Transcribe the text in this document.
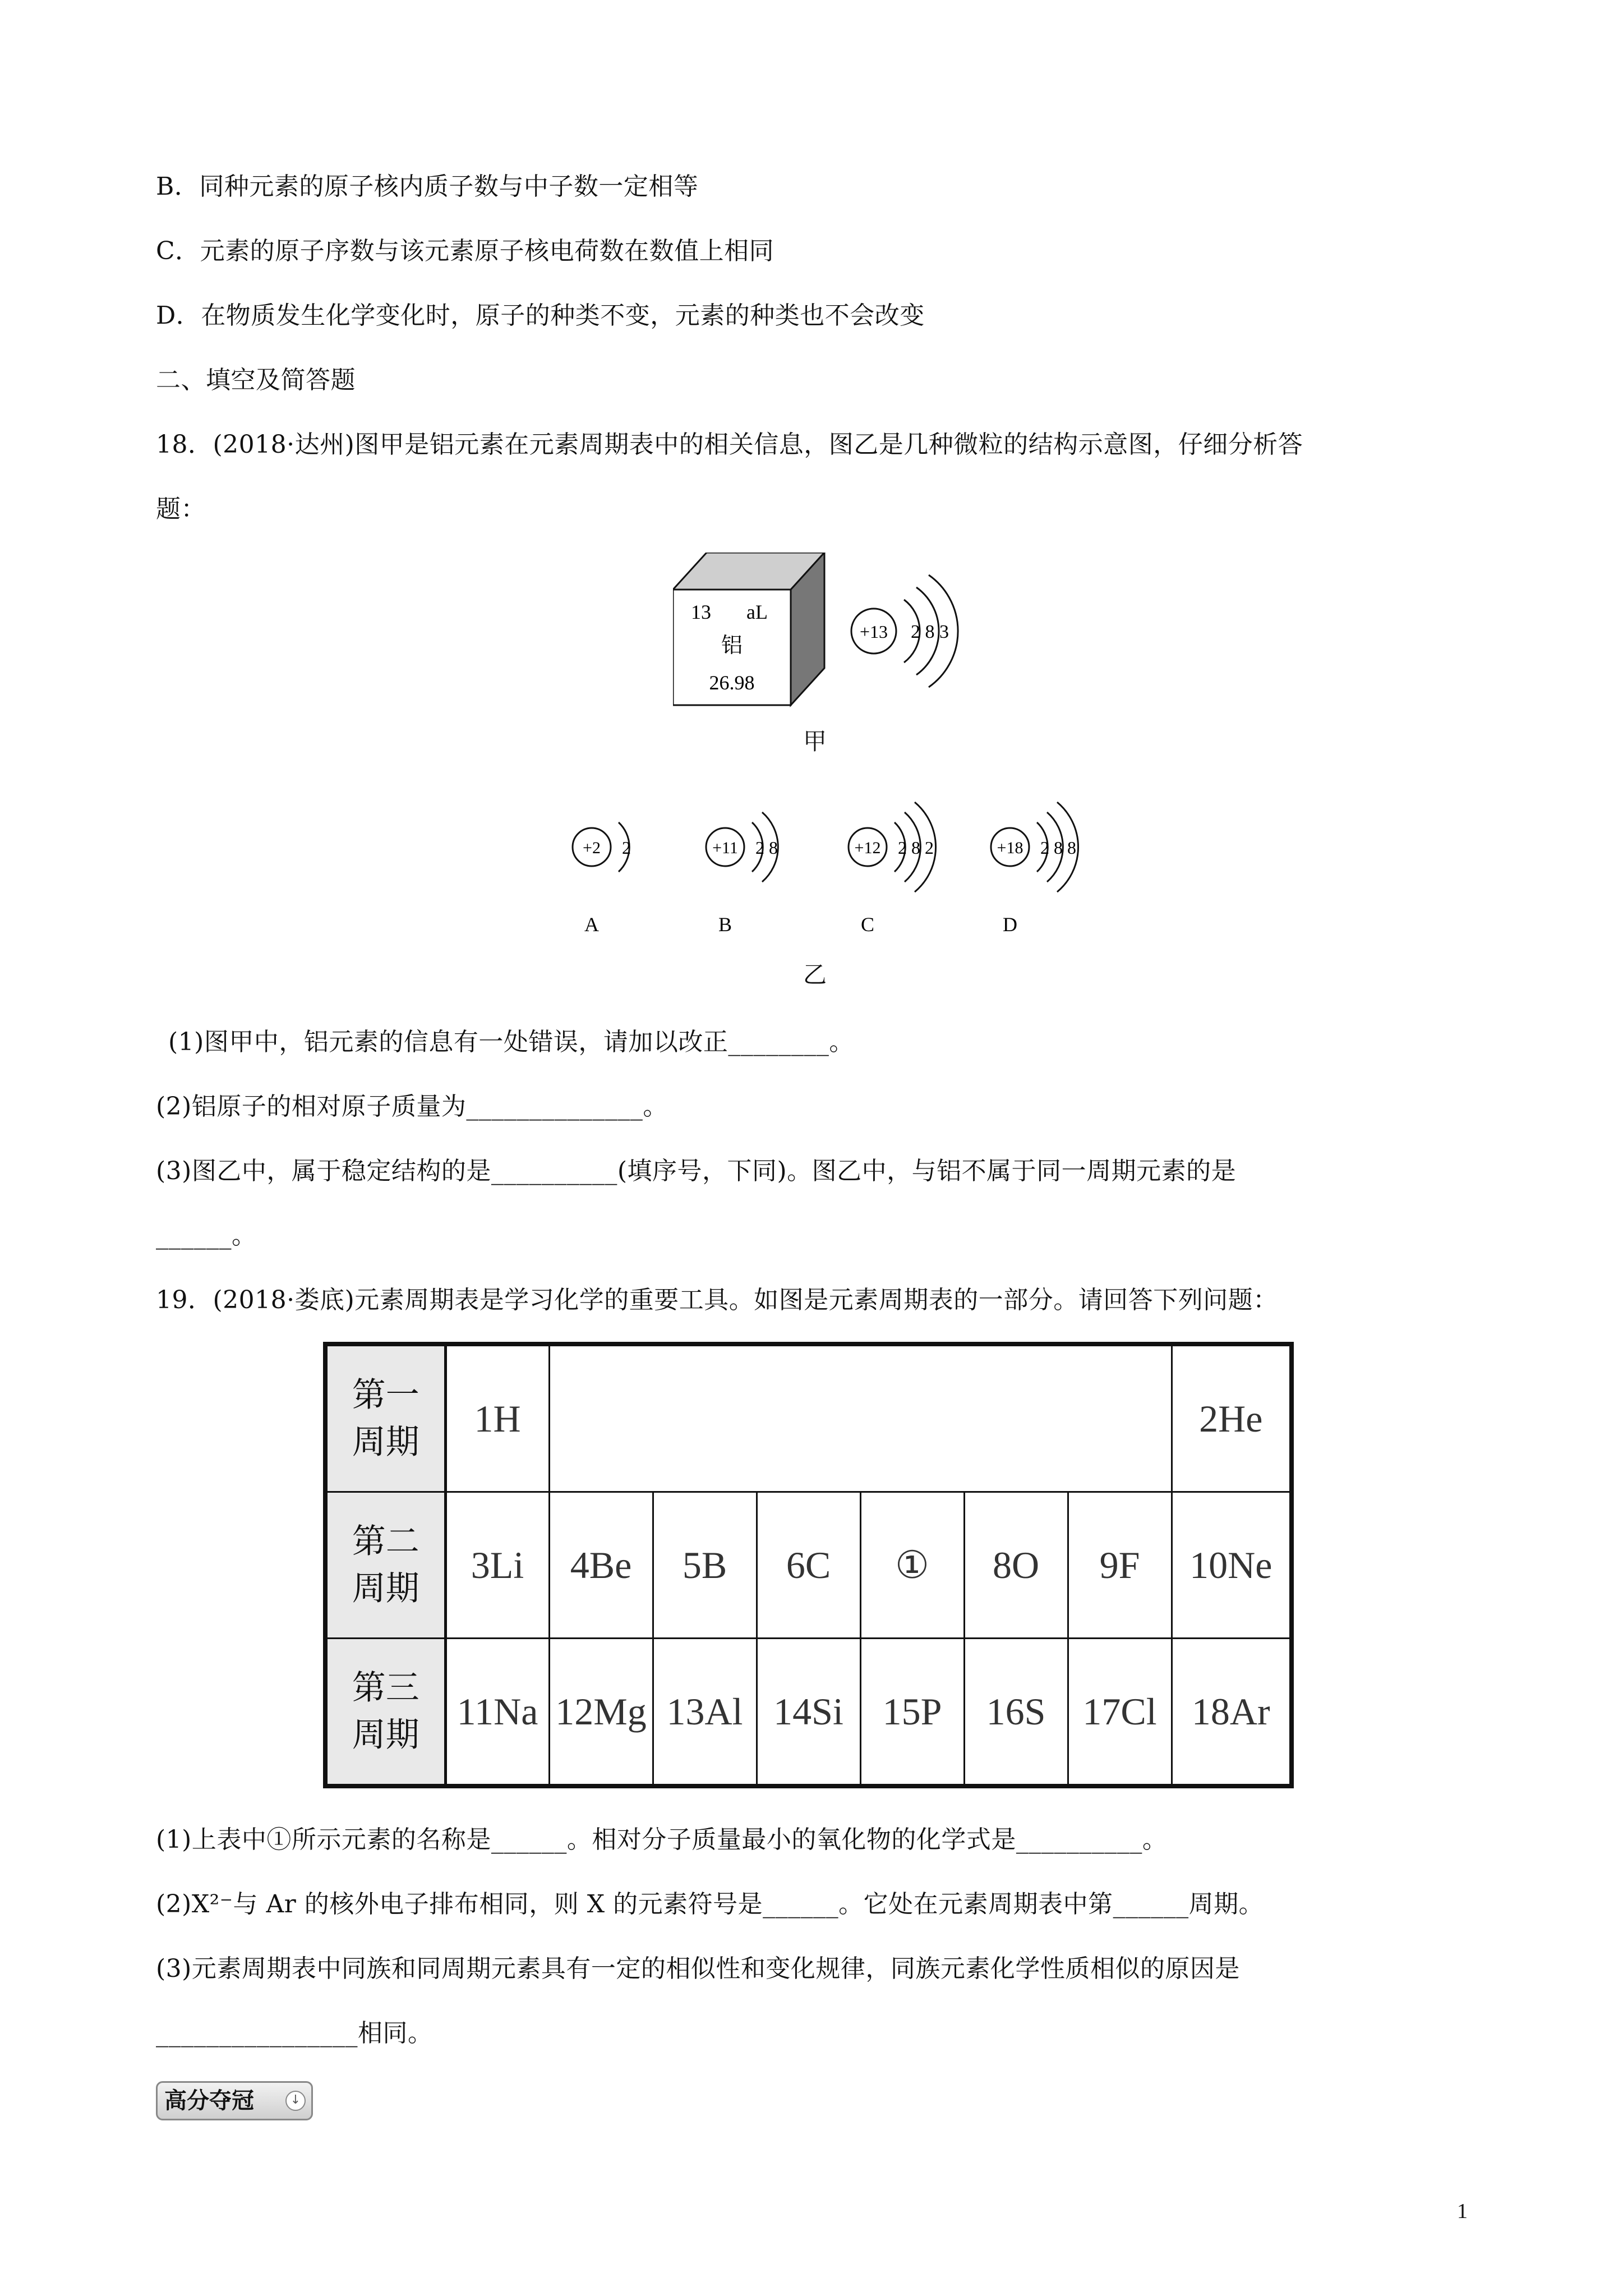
B．同种元素的原子核内质子数与中子数一定相等
C．元素的原子序数与该元素原子核电荷数在数值上相同
D．在物质发生化学变化时，原子的种类不变，元素的种类也不会改变
二、填空及简答题
18．(2018·达州)图甲是铝元素在元素周期表中的相关信息，图乙是几种微粒的结构示意图，仔细分析答
题：
13 aL
铝
26.98
+13 2 8 3
甲
+2 2
A
+11 2 8
B
+12 2 8 2
C
+18 2 8 8
D
乙
(1)图甲中，铝元素的信息有一处错误，请加以改正________。
(2)铝原子的相对原子质量为______________。
(3)图乙中，属于稳定结构的是__________(填序号，下同)。图乙中，与铝不属于同一周期元素的是
______。
19．(2018·娄底)元素周期表是学习化学的重要工具。如图是元素周期表的一部分。请回答下列问题：
第一
周期	1H							2He
第二
周期	3Li	4Be	5B	6C	①	8O	9F	10Ne
第三
周期	11Na	12Mg	13Al	14Si	15P	16S	17Cl	18Ar
(1)上表中①所示元素的名称是______。相对分子质量最小的氧化物的化学式是__________。
(2)X²⁻与 Ar 的核外电子排布相同，则 X 的元素符号是______。它处在元素周期表中第______周期。
(3)元素周期表中同族和同周期元素具有一定的相似性和变化规律，同族元素化学性质相似的原因是
________________相同。
高分夺冠	↓
1
